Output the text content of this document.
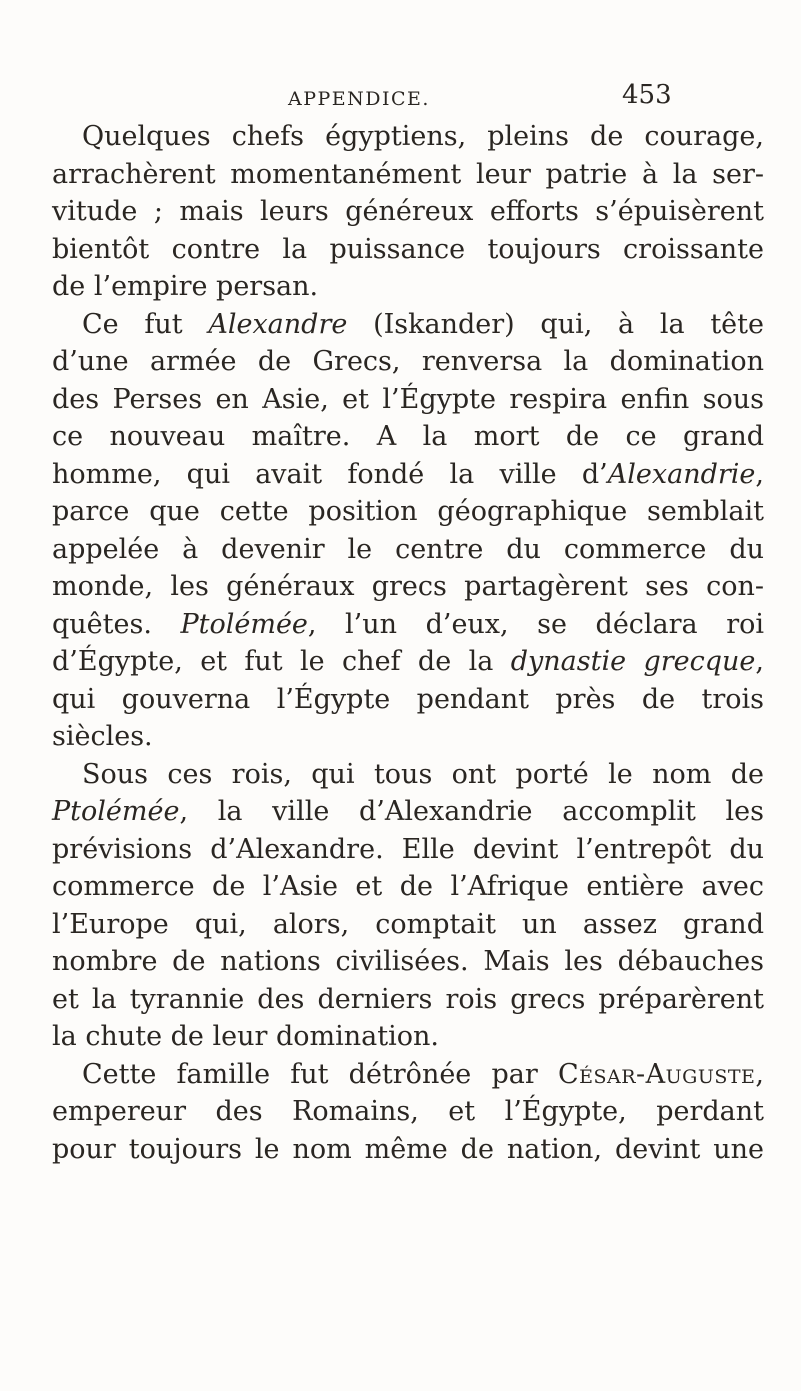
APPENDICE.	453
Quelques chefs égyptiens, pleins de courage,
arrachèrent momentanément leur patrie à la ser-
vitude ; mais leurs généreux efforts s’épuisèrent
bientôt contre la puissance toujours croissante
de l’empire persan.
Ce fut Alexandre (Iskander) qui, à la tête
d’une armée de Grecs, renversa la domination
des Perses en Asie, et l’Égypte respira enfin sous
ce nouveau maître. A la mort de ce grand
homme, qui avait fondé la ville d’Alexandrie,
parce que cette position géographique semblait
appelée à devenir le centre du commerce du
monde, les généraux grecs partagèrent ses con-
quêtes. Ptolémée, l’un d’eux, se déclara roi
d’Égypte, et fut le chef de la dynastie grecque,
qui gouverna l’Égypte pendant près de trois
siècles.
Sous ces rois, qui tous ont porté le nom de
Ptolémée, la ville d’Alexandrie accomplit les
prévisions d’Alexandre. Elle devint l’entrepôt du
commerce de l’Asie et de l’Afrique entière avec
l’Europe qui, alors, comptait un assez grand
nombre de nations civilisées. Mais les débauches
et la tyrannie des derniers rois grecs préparèrent
la chute de leur domination.
Cette famille fut détrônée par César-Auguste,
empereur des Romains, et l’Égypte, perdant
pour toujours le nom même de nation, devint une
